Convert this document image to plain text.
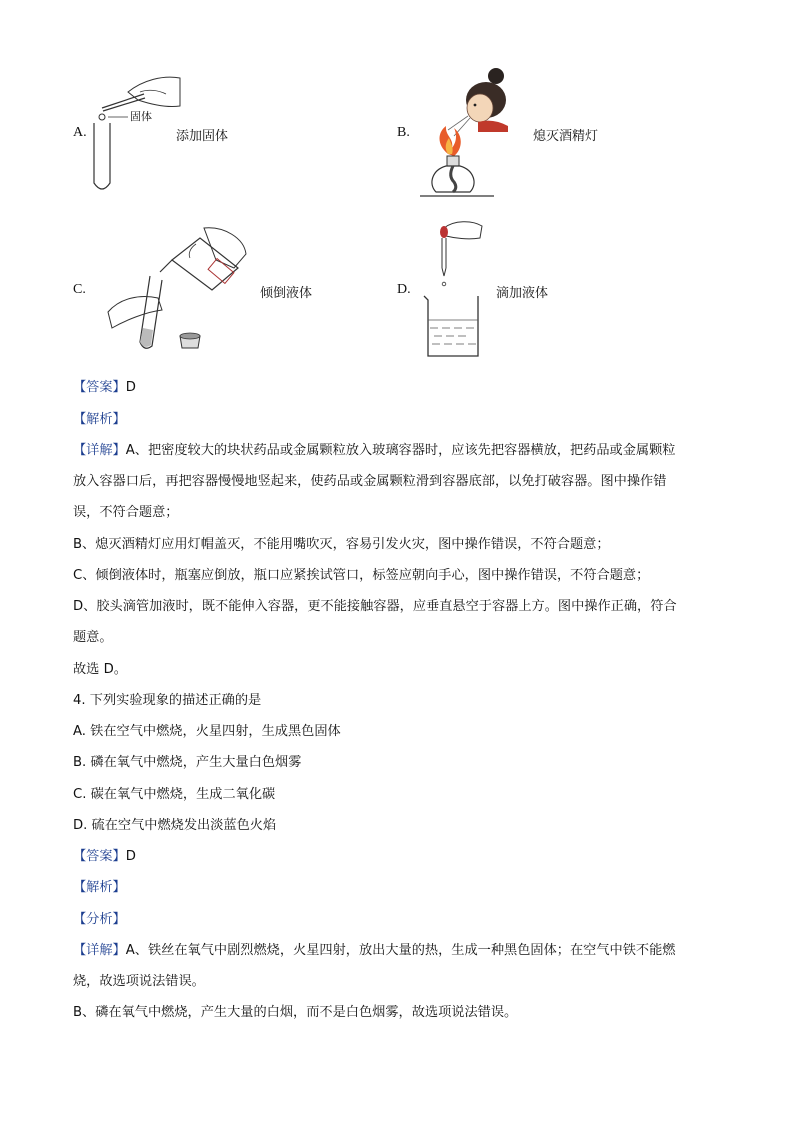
A.
固体
添加固体	B.	熄灭酒精灯
C.	倾倒液体	D.	滴加液体
【答案】D
【解析】
【详解】A、把密度较大的块状药品或金属颗粒放入玻璃容器时，应该先把容器横放，把药品或金属颗粒
放入容器口后，再把容器慢慢地竖起来，使药品或金属颗粒滑到容器底部，以免打破容器。图中操作错
误，不符合题意；
B、熄灭酒精灯应用灯帽盖灭，不能用嘴吹灭，容易引发火灾，图中操作错误，不符合题意；
C、倾倒液体时，瓶塞应倒放，瓶口应紧挨试管口，标签应朝向手心，图中操作错误，不符合题意；
D、胶头滴管加液时，既不能伸入容器，更不能接触容器，应垂直悬空于容器上方。图中操作正确，符合
题意。
故选 D。
4. 下列实验现象的描述正确的是
A. 铁在空气中燃烧，火星四射，生成黑色固体
B. 磷在氧气中燃烧，产生大量白色烟雾
C. 碳在氧气中燃烧，生成二氧化碳
D. 硫在空气中燃烧发出淡蓝色火焰
【答案】D
【解析】
【分析】
【详解】A、铁丝在氧气中剧烈燃烧，火星四射，放出大量的热，生成一种黑色固体；在空气中铁不能燃
烧，故选项说法错误。
B、磷在氧气中燃烧，产生大量的白烟，而不是白色烟雾，故选项说法错误。
